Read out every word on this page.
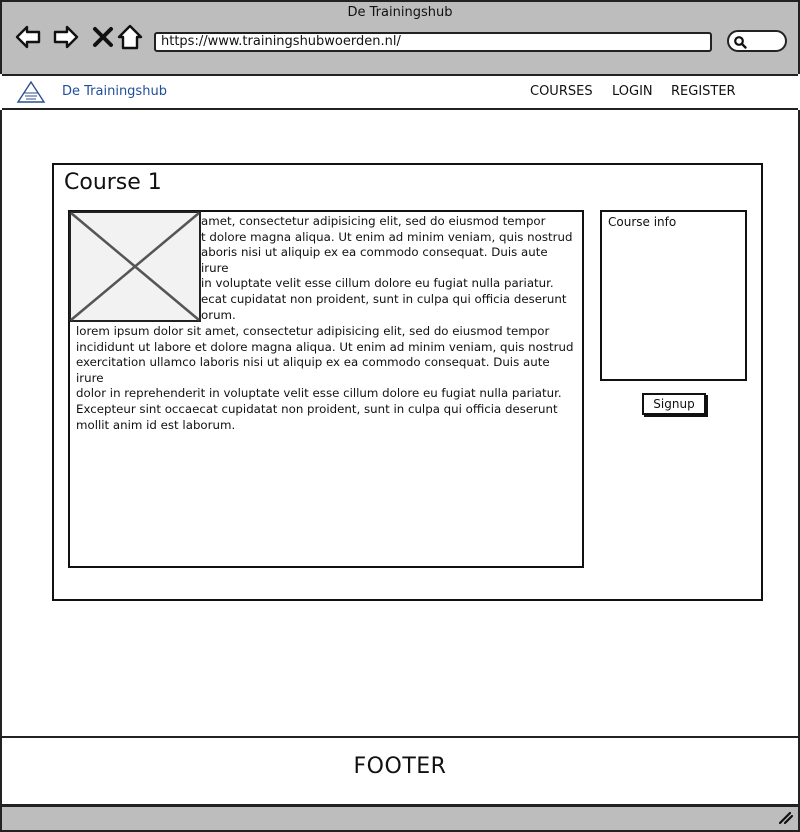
De Trainingshub
https://www.trainingshubwoerden.nl/
De Trainingshub	COURSES LOGIN REGISTER
Course 1
amet, consectetur adipisicing elit, sed do eiusmod tempor
t dolore magna aliqua. Ut enim ad minim veniam, quis nostrud
aboris nisi ut aliquip ex ea commodo consequat. Duis aute irure
in voluptate velit esse cillum dolore eu fugiat nulla pariatur.
ecat cupidatat non proident, sunt in culpa qui officia deserunt
orum.
lorem ipsum dolor sit amet, consectetur adipisicing elit, sed do eiusmod tempor
incididunt ut labore et dolore magna aliqua. Ut enim ad minim veniam, quis nostrud
exercitation ullamco laboris nisi ut aliquip ex ea commodo consequat. Duis aute irure
dolor in reprehenderit in voluptate velit esse cillum dolore eu fugiat nulla pariatur.
Excepteur sint occaecat cupidatat non proident, sunt in culpa qui officia deserunt
mollit anim id est laborum.
Course info
Signup
FOOTER
